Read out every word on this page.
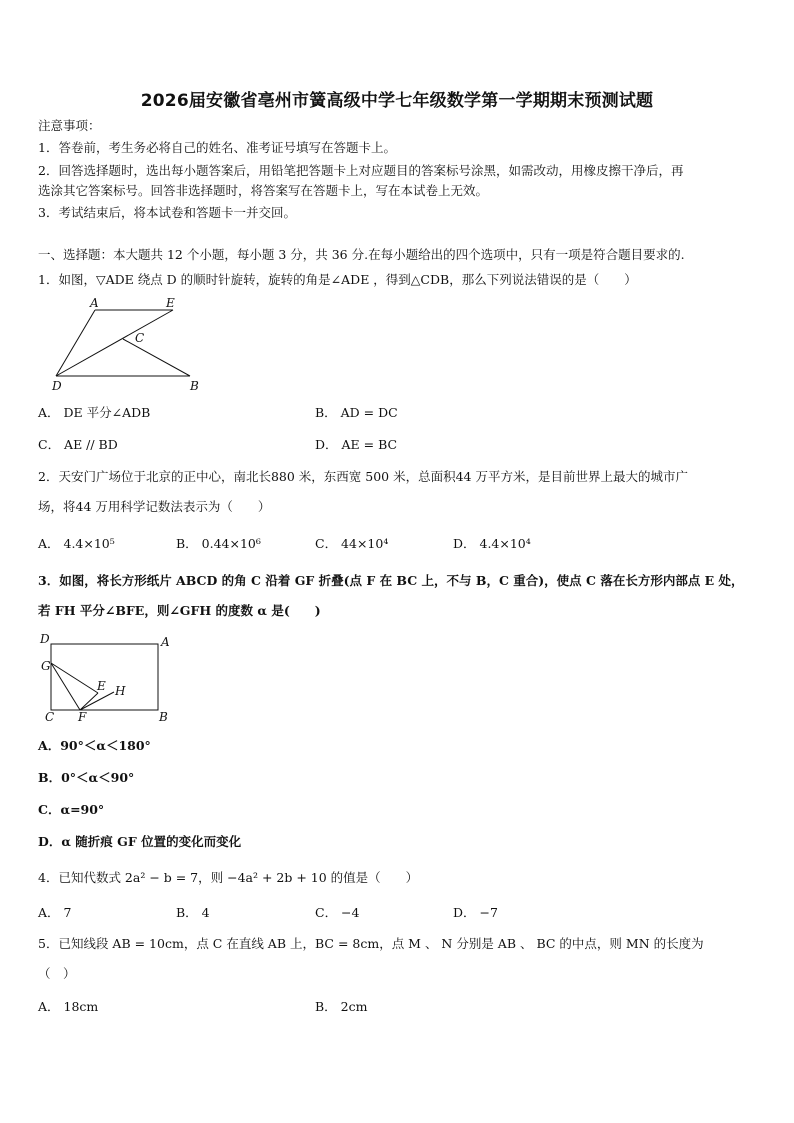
2026届安徽省亳州市簧高级中学七年级数学第一学期期末预测试题
注意事项：
1．答卷前，考生务必将自己的姓名、准考证号填写在答题卡上。
2．回答选择题时，选出每小题答案后，用铅笔把答题卡上对应题目的答案标号涂黑，如需改动，用橡皮擦干净后，再
选涂其它答案标号。回答非选择题时，将答案写在答题卡上，写在本试卷上无效。
3．考试结束后，将本试卷和答题卡一并交回。
一、选择题：本大题共 12 个小题，每小题 3 分，共 36 分.在每小题给出的四个选项中，只有一项是符合题目要求的.
1．如图，▽ADE 绕点 D 的顺时针旋转，旋转的角是∠ADE ，得到△CDB，那么下列说法错误的是（　　）
A	E
C
D	B
A． DE 平分∠ADB	B． AD = DC
C． AE // BD	D． AE = BC
2．天安门广场位于北京的正中心，南北长880 米，东西宽 500 米，总面积44 万平方米，是目前世界上最大的城市广
场，将44 万用科学记数法表示为（　　）
A． 4.4×10⁵	B． 0.44×10⁶	C． 44×10⁴	D． 4.4×10⁴
3．如图，将长方形纸片 ABCD 的角 C 沿着 GF 折叠(点 F 在 BC 上，不与 B，C 重合)，使点 C 落在长方形内部点 E 处，
若 FH 平分∠BFE，则∠GFH 的度数 α 是(　　)
D	A
G
E H
C F	B
A．90°＜α＜180°
B．0°＜α＜90°
C．α=90°
D．α 随折痕 GF 位置的变化而变化
4．已知代数式 2a² − b = 7，则 −4a² + 2b + 10 的值是（　　）
A． 7	B． 4	C． −4	D． −7
5．已知线段 AB = 10cm，点 C 在直线 AB 上，BC = 8cm，点 M 、 N 分别是 AB 、 BC 的中点，则 MN 的长度为
（　）
A． 18cm	B． 2cm
